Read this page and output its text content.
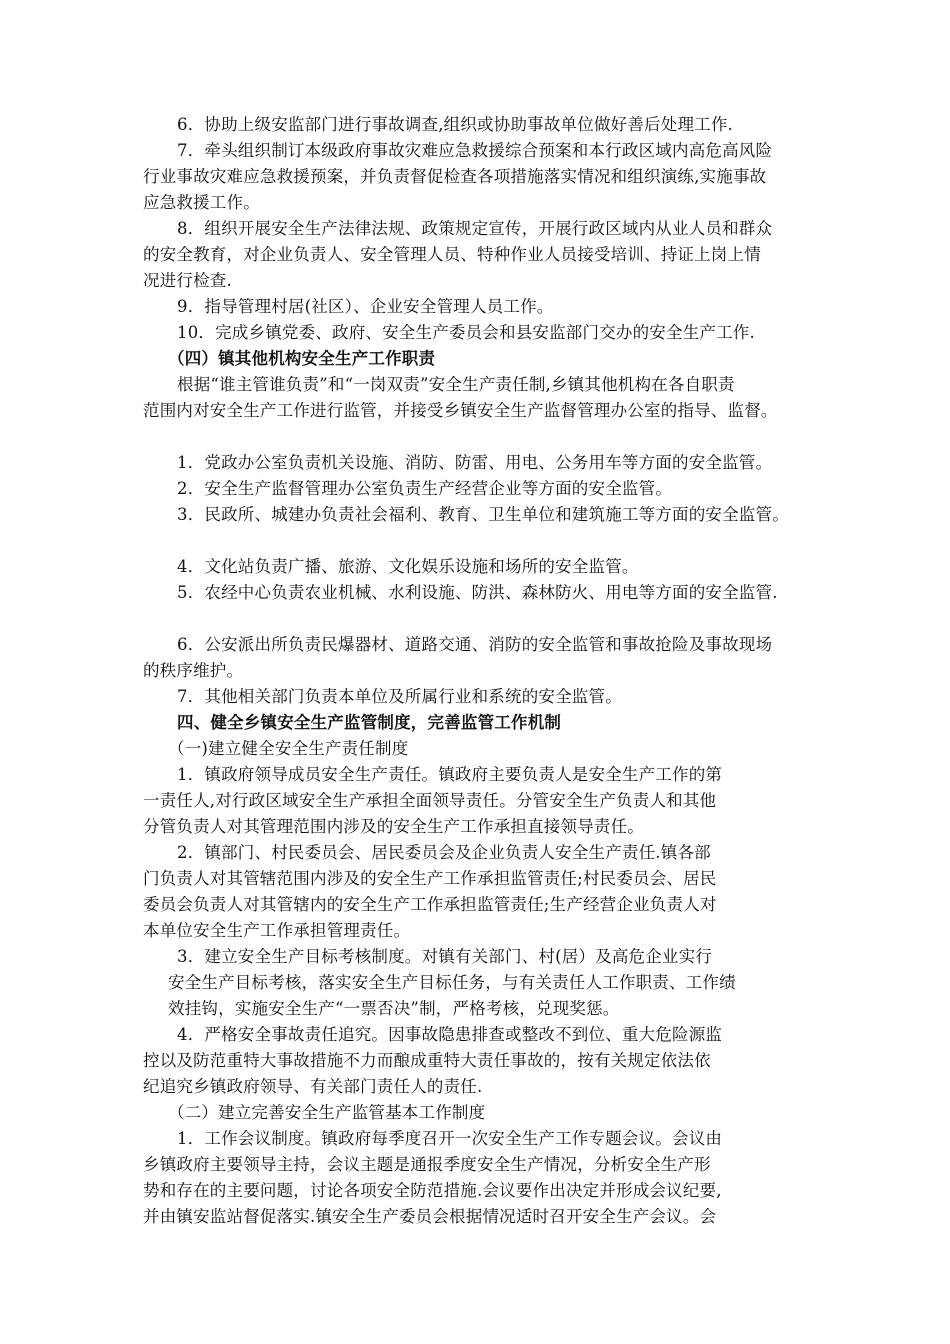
6．协助上级安监部门进行事故调查,组织或协助事故单位做好善后处理工作.
7．牵头组织制订本级政府事故灾难应急救援综合预案和本行政区域内高危高风险
行业事故灾难应急救援预案，并负责督促检查各项措施落实情况和组织演练,实施事故
应急救援工作。
8．组织开展安全生产法律法规、政策规定宣传，开展行政区域内从业人员和群众
的安全教育，对企业负责人、安全管理人员、特种作业人员接受培训、持证上岗上情
况进行检查.
9．指导管理村居(社区）、企业安全管理人员工作。
10．完成乡镇党委、政府、安全生产委员会和县安监部门交办的安全生产工作.
（四）镇其他机构安全生产工作职责
根据“谁主管谁负责”和“一岗双责”安全生产责任制,乡镇其他机构在各自职责
范围内对安全生产工作进行监管，并接受乡镇安全生产监督管理办公室的指导、监督。
1．党政办公室负责机关设施、消防、防雷、用电、公务用车等方面的安全监管。
2．安全生产监督管理办公室负责生产经营企业等方面的安全监管。
3．民政所、城建办负责社会福利、教育、卫生单位和建筑施工等方面的安全监管。
4．文化站负责广播、旅游、文化娱乐设施和场所的安全监管。
5．农经中心负责农业机械、水利设施、防洪、森林防火、用电等方面的安全监管.
6．公安派出所负责民爆器材、道路交通、消防的安全监管和事故抢险及事故现场
的秩序维护。
7．其他相关部门负责本单位及所属行业和系统的安全监管。
四、健全乡镇安全生产监管制度，完善监管工作机制
（一)建立健全安全生产责任制度
1．镇政府领导成员安全生产责任。镇政府主要负责人是安全生产工作的第
一责任人,对行政区域安全生产承担全面领导责任。分管安全生产负责人和其他
分管负责人对其管理范围内涉及的安全生产工作承担直接领导责任。
2．镇部门、村民委员会、居民委员会及企业负责人安全生产责任.镇各部
门负责人对其管辖范围内涉及的安全生产工作承担监管责任;村民委员会、居民
委员会负责人对其管辖内的安全生产工作承担监管责任;生产经营企业负责人对
本单位安全生产工作承担管理责任。
3．建立安全生产目标考核制度。对镇有关部门、村(居）及高危企业实行
安全生产目标考核，落实安全生产目标任务，与有关责任人工作职责、工作绩
效挂钩，实施安全生产“一票否决”制，严格考核，兑现奖惩。
4．严格安全事故责任追究。因事故隐患排查或整改不到位、重大危险源监
控以及防范重特大事故措施不力而酿成重特大责任事故的，按有关规定依法依
纪追究乡镇政府领导、有关部门责任人的责任.
（二）建立完善安全生产监管基本工作制度
1．工作会议制度。镇政府每季度召开一次安全生产工作专题会议。会议由
乡镇政府主要领导主持，会议主题是通报季度安全生产情况，分析安全生产形
势和存在的主要问题，讨论各项安全防范措施.会议要作出决定并形成会议纪要,
并由镇安监站督促落实.镇安全生产委员会根据情况适时召开安全生产会议。会
